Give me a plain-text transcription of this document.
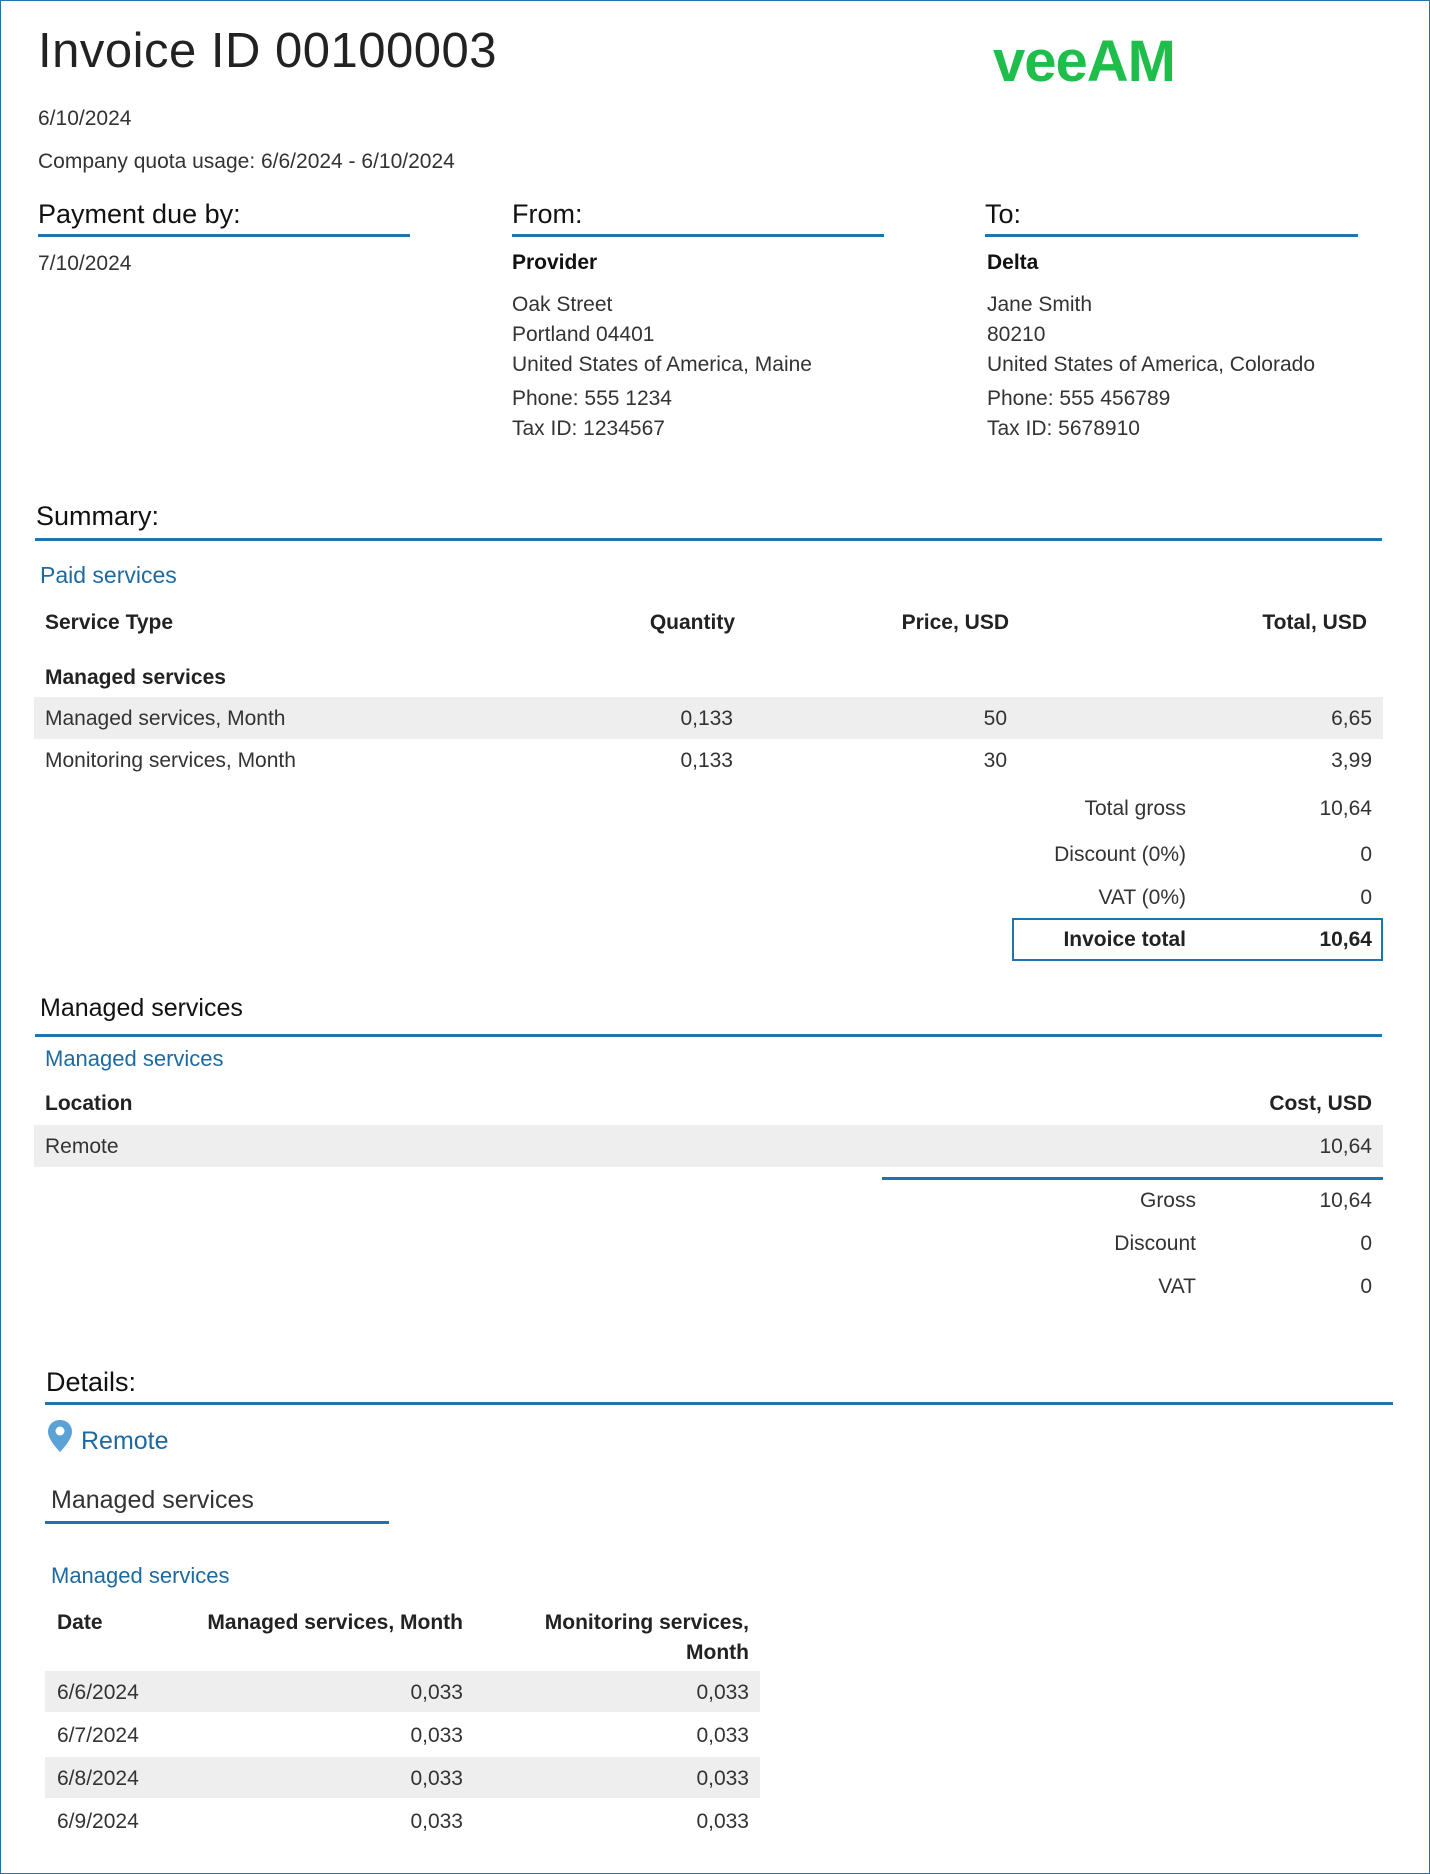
Invoice ID 00100003	veeAM
6/10/2024
Company quota usage: 6/6/2024 - 6/10/2024
Payment due by:
7/10/2024
From:
Provider
Oak Street
Portland 04401
United States of America, Maine
Phone: 555 1234
Tax ID: 1234567
To:
Delta
Jane Smith
80210
United States of America, Colorado
Phone: 555 456789
Tax ID: 5678910
Summary:
Paid services
Service Type	Quantity	Price, USD	Total, USD
Managed services
Managed services, Month	0,133	50	6,65
Monitoring services, Month	0,133	30	3,99
Total gross	10,64
Discount (0%)	0
VAT (0%)	0
Invoice total	10,64
Managed services
Managed services
Location	Cost, USD
Remote	10,64
Gross	10,64
Discount	0
VAT	0
Details:
Remote
Managed services
Managed services
Date	Managed services, Month	Monitoring services,
Month
6/6/2024	0,033	0,033
6/7/2024	0,033	0,033
6/8/2024	0,033	0,033
6/9/2024	0,033	0,033
